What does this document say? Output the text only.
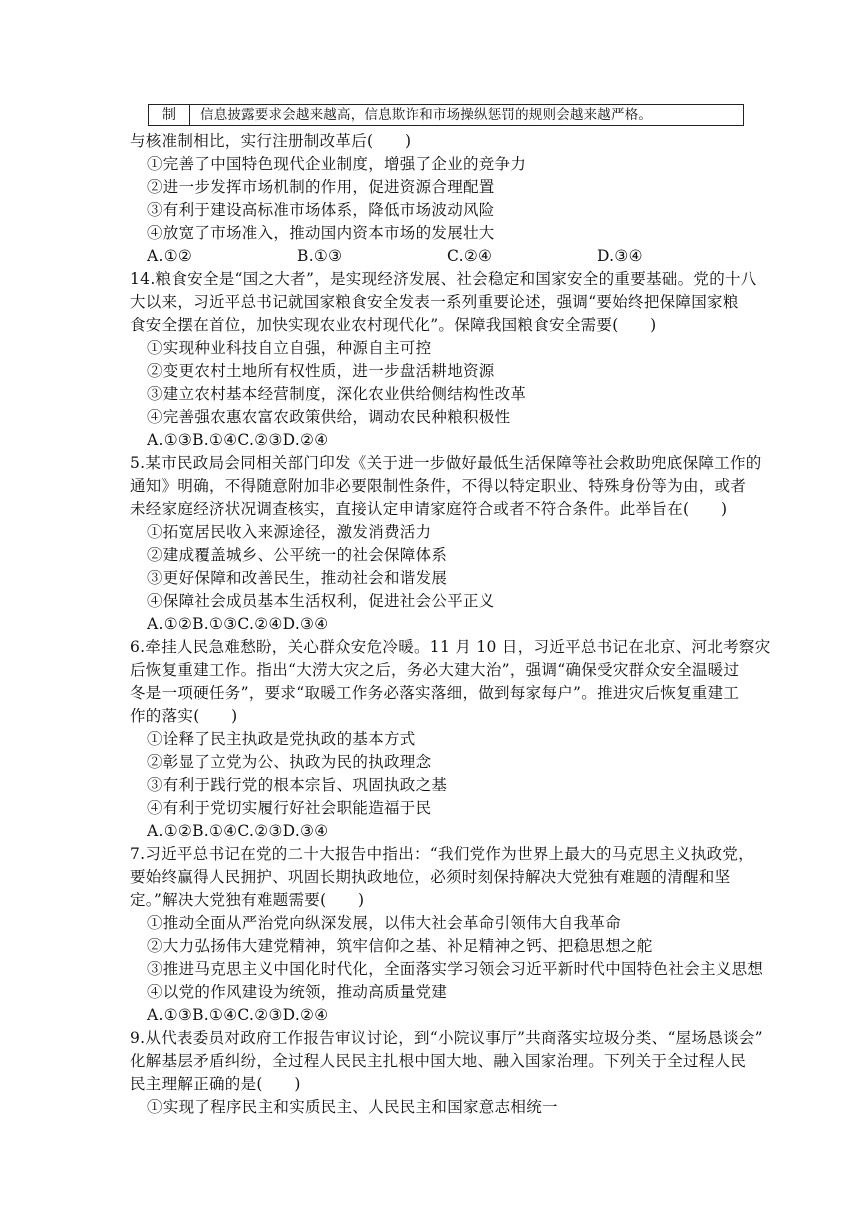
制	信息披露要求会越来越高，信息欺诈和市场操纵惩罚的规则会越来越严格。
与核准制相比，实行注册制改革后(　　)
①完善了中国特色现代企业制度，增强了企业的竞争力
②进一步发挥市场机制的作用，促进资源合理配置
③有利于建设高标准市场体系，降低市场波动风险
④放宽了市场准入，推动国内资本市场的发展壮大
A.①②	B.①③	C.②④	D.③④
14.粮食安全是“国之大者”，是实现经济发展、社会稳定和国家安全的重要基础。党的十八
大以来，习近平总书记就国家粮食安全发表一系列重要论述，强调“要始终把保障国家粮
食安全摆在首位，加快实现农业农村现代化”。保障我国粮食安全需要(　　)
①实现种业科技自立自强，种源自主可控
②变更农村土地所有权性质，进一步盘活耕地资源
③建立农村基本经营制度，深化农业供给侧结构性改革
④完善强农惠农富农政策供给，调动农民种粮积极性
A.①③B.①④C.②③D.②④
5.某市民政局会同相关部门印发《关于进一步做好最低生活保障等社会救助兜底保障工作的
通知》明确，不得随意附加非必要限制性条件，不得以特定职业、特殊身份等为由，或者
未经家庭经济状况调查核实，直接认定申请家庭符合或者不符合条件。此举旨在(　　)
①拓宽居民收入来源途径，激发消费活力
②建成覆盖城乡、公平统一的社会保障体系
③更好保障和改善民生，推动社会和谐发展
④保障社会成员基本生活权利，促进社会公平正义
A.①②B.①③C.②④D.③④
6.牵挂人民急难愁盼，关心群众安危冷暖。11 月 10 日，习近平总书记在北京、河北考察灾
后恢复重建工作。指出“大涝大灾之后，务必大建大治”，强调“确保受灾群众安全温暖过
冬是一项硬任务”，要求“取暖工作务必落实落细，做到每家每户”。推进灾后恢复重建工
作的落实(　　)
①诠释了民主执政是党执政的基本方式
②彰显了立党为公、执政为民的执政理念
③有利于践行党的根本宗旨、巩固执政之基
④有利于党切实履行好社会职能造福于民
A.①②B.①④C.②③D.③④
7.习近平总书记在党的二十大报告中指出：“我们党作为世界上最大的马克思主义执政党，
要始终赢得人民拥护、巩固长期执政地位，必须时刻保持解决大党独有难题的清醒和坚
定。”解决大党独有难题需要(　　)
①推动全面从严治党向纵深发展，以伟大社会革命引领伟大自我革命
②大力弘扬伟大建党精神，筑牢信仰之基、补足精神之钙、把稳思想之舵
③推进马克思主义中国化时代化，全面落实学习领会习近平新时代中国特色社会主义思想
④以党的作风建设为统领，推动高质量党建
A.①③B.①④C.②③D.②④
9.从代表委员对政府工作报告审议讨论，到“小院议事厅”共商落实垃圾分类、“屋场恳谈会”
化解基层矛盾纠纷，全过程人民民主扎根中国大地、融入国家治理。下列关于全过程人民
民主理解正确的是(　　)
①实现了程序民主和实质民主、人民民主和国家意志相统一
